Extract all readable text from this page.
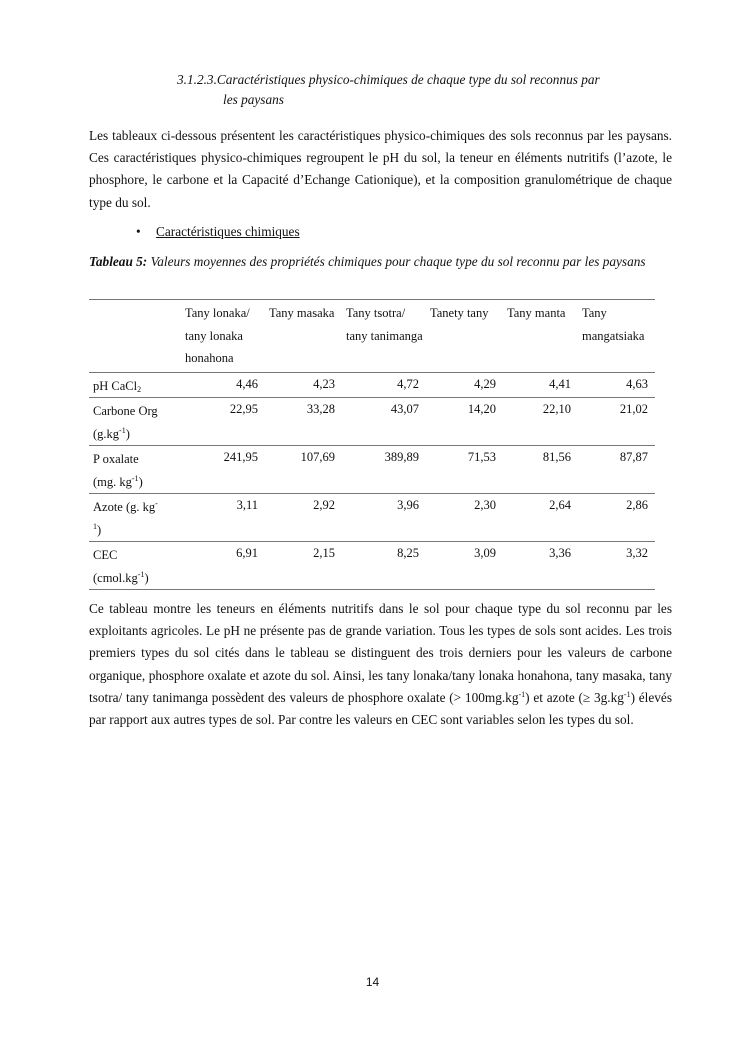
3.1.2.3.Caractéristiques physico-chimiques de chaque type du sol reconnus par
les paysans

Les tableaux ci-dessous présentent les caractéristiques physico-chimiques des sols reconnus par les paysans. Ces caractéristiques physico-chimiques regroupent le pH du sol, la teneur en éléments nutritifs (l’azote, le phosphore, le carbone et la Capacité d’Echange Cationique), et la composition granulométrique de chaque type du sol.

• Caractéristiques chimiques
Tableau 5: Valeurs moyennes des propriétés chimiques pour chaque type du sol reconnu par les paysans
	Tany lonaka/ tany lonaka honahona	Tany masaka	Tany tsotra/ tany tanimanga	Tanety tany	Tany manta	Tany mangatsiaka
pH CaCl$_2$	4,46	4,23	4,72	4,29	4,41	4,63
Carbone Org
$(g.kg^{-1})$	22,95	33,28	43,07	14,20	22,10	21,02
P oxalate
(mg. $kg^{-1}$)	241,95	107,69	389,89	71,53	81,56	87,87
Azote (g. kg-
$^1$)	3,11	2,92	3,96	2,30	2,64	2,86
CEC
$(cmol.kg^{-1})$	6,91	2,15	8,25	3,09	3,36	3,32

Ce tableau montre les teneurs en éléments nutritifs dans le sol pour chaque type du sol reconnu par les exploitants agricoles. Le pH ne présente pas de grande variation. Tous les types de sols sont acides. Les trois premiers types du sol cités dans le tableau se distinguent des trois derniers pour les valeurs de carbone organique, phosphore oxalate et azote du sol. Ainsi, les tany lonaka/tany lonaka honahona, tany masaka, tany tsotra/ tany tanimanga possèdent des valeurs de phosphore oxalate (> $100mg.kg^{-1}$) et azote (≥ $3g.kg^{-1}$) élevés par rapport aux autres types de sol. Par contre les valeurs en CEC sont variables selon les types du sol.

14
